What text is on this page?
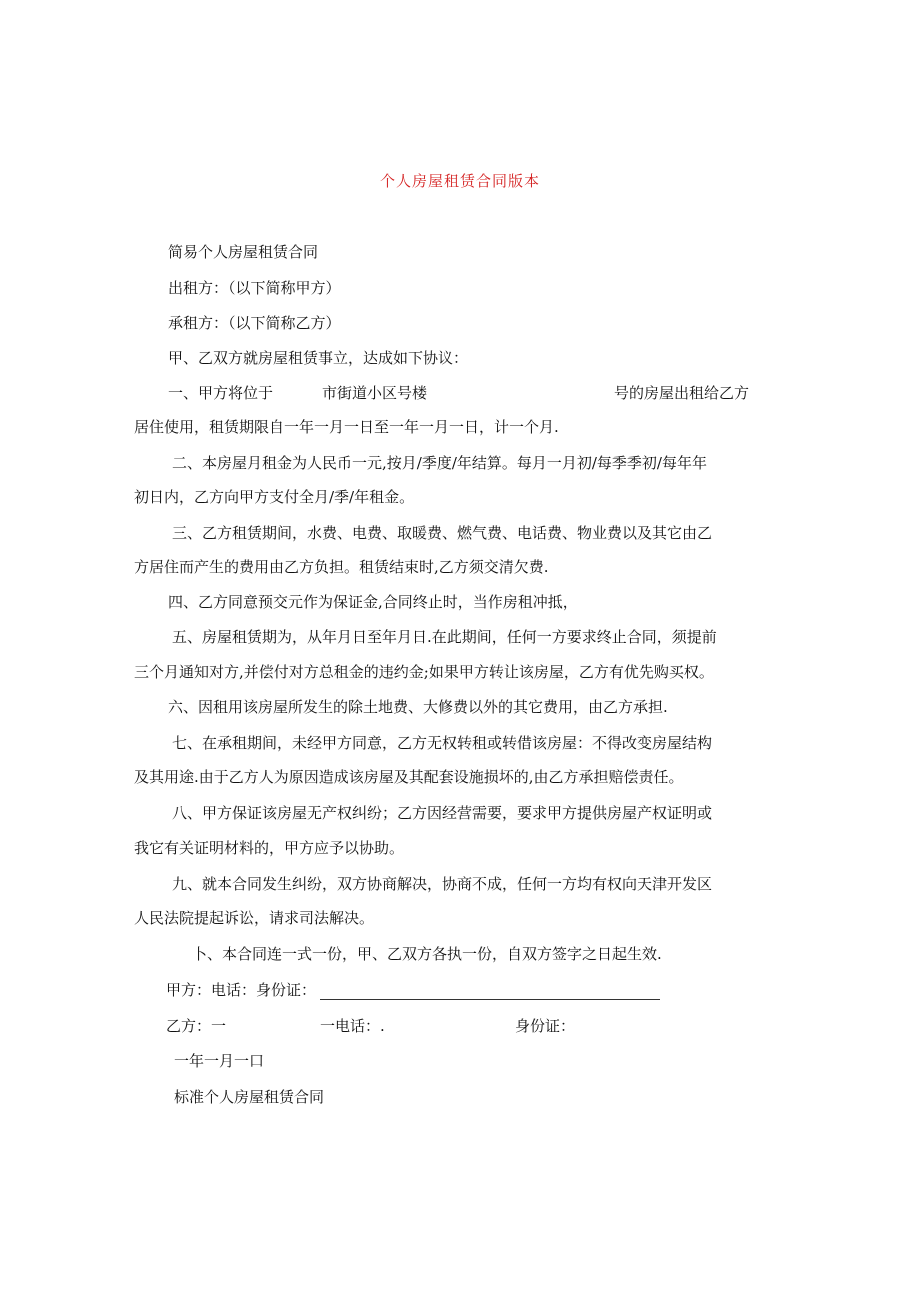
个人房屋租赁合同版本
简易个人房屋租赁合同
出租方：（以下简称甲方）
承租方：（以下简称乙方）
甲、乙双方就房屋租赁事立，达成如下协议：
一、甲方将位于	市街道小区号楼	号的房屋出租给乙方
居住使用，租赁期限自一年一月一日至一年一月一日，计一个月.
二、本房屋月租金为人民币一元,按月/季度/年结算。每月一月初/每季季初/每年年
初日内，乙方向甲方支付全月/季/年租金。
三、乙方租赁期间，水费、电费、取暖费、燃气费、电话费、物业费以及其它由乙
方居住而产生的费用由乙方负担。租赁结束时,乙方须交清欠费.
四、乙方同意预交元作为保证金,合同终止时，当作房租冲抵，
五、房屋租赁期为，从年月日至年月日.在此期间，任何一方要求终止合同，须提前
三个月通知对方,并偿付对方总租金的违约金;如果甲方转让该房屋，乙方有优先购买权。
六、因租用该房屋所发生的除土地费、大修费以外的其它费用，由乙方承担.
七、在承租期间，未经甲方同意，乙方无权转租或转借该房屋：不得改变房屋结构
及其用途.由于乙方人为原因造成该房屋及其配套设施损坏的,由乙方承担赔偿责任。
八、甲方保证该房屋无产权纠纷；乙方因经营需要，要求甲方提供房屋产权证明或
我它有关证明材料的，甲方应予以协助。
九、就本合同发生纠纷，双方协商解决，协商不成，任何一方均有权向天津开发区
人民法院提起诉讼，请求司法解决。
卜、本合同连一式一份，甲、乙双方各执一份，自双方签字之日起生效.
甲方：电话：身份证：
乙方：一	一电话：.	身份证：
一年一月一口
标准个人房屋租赁合同
